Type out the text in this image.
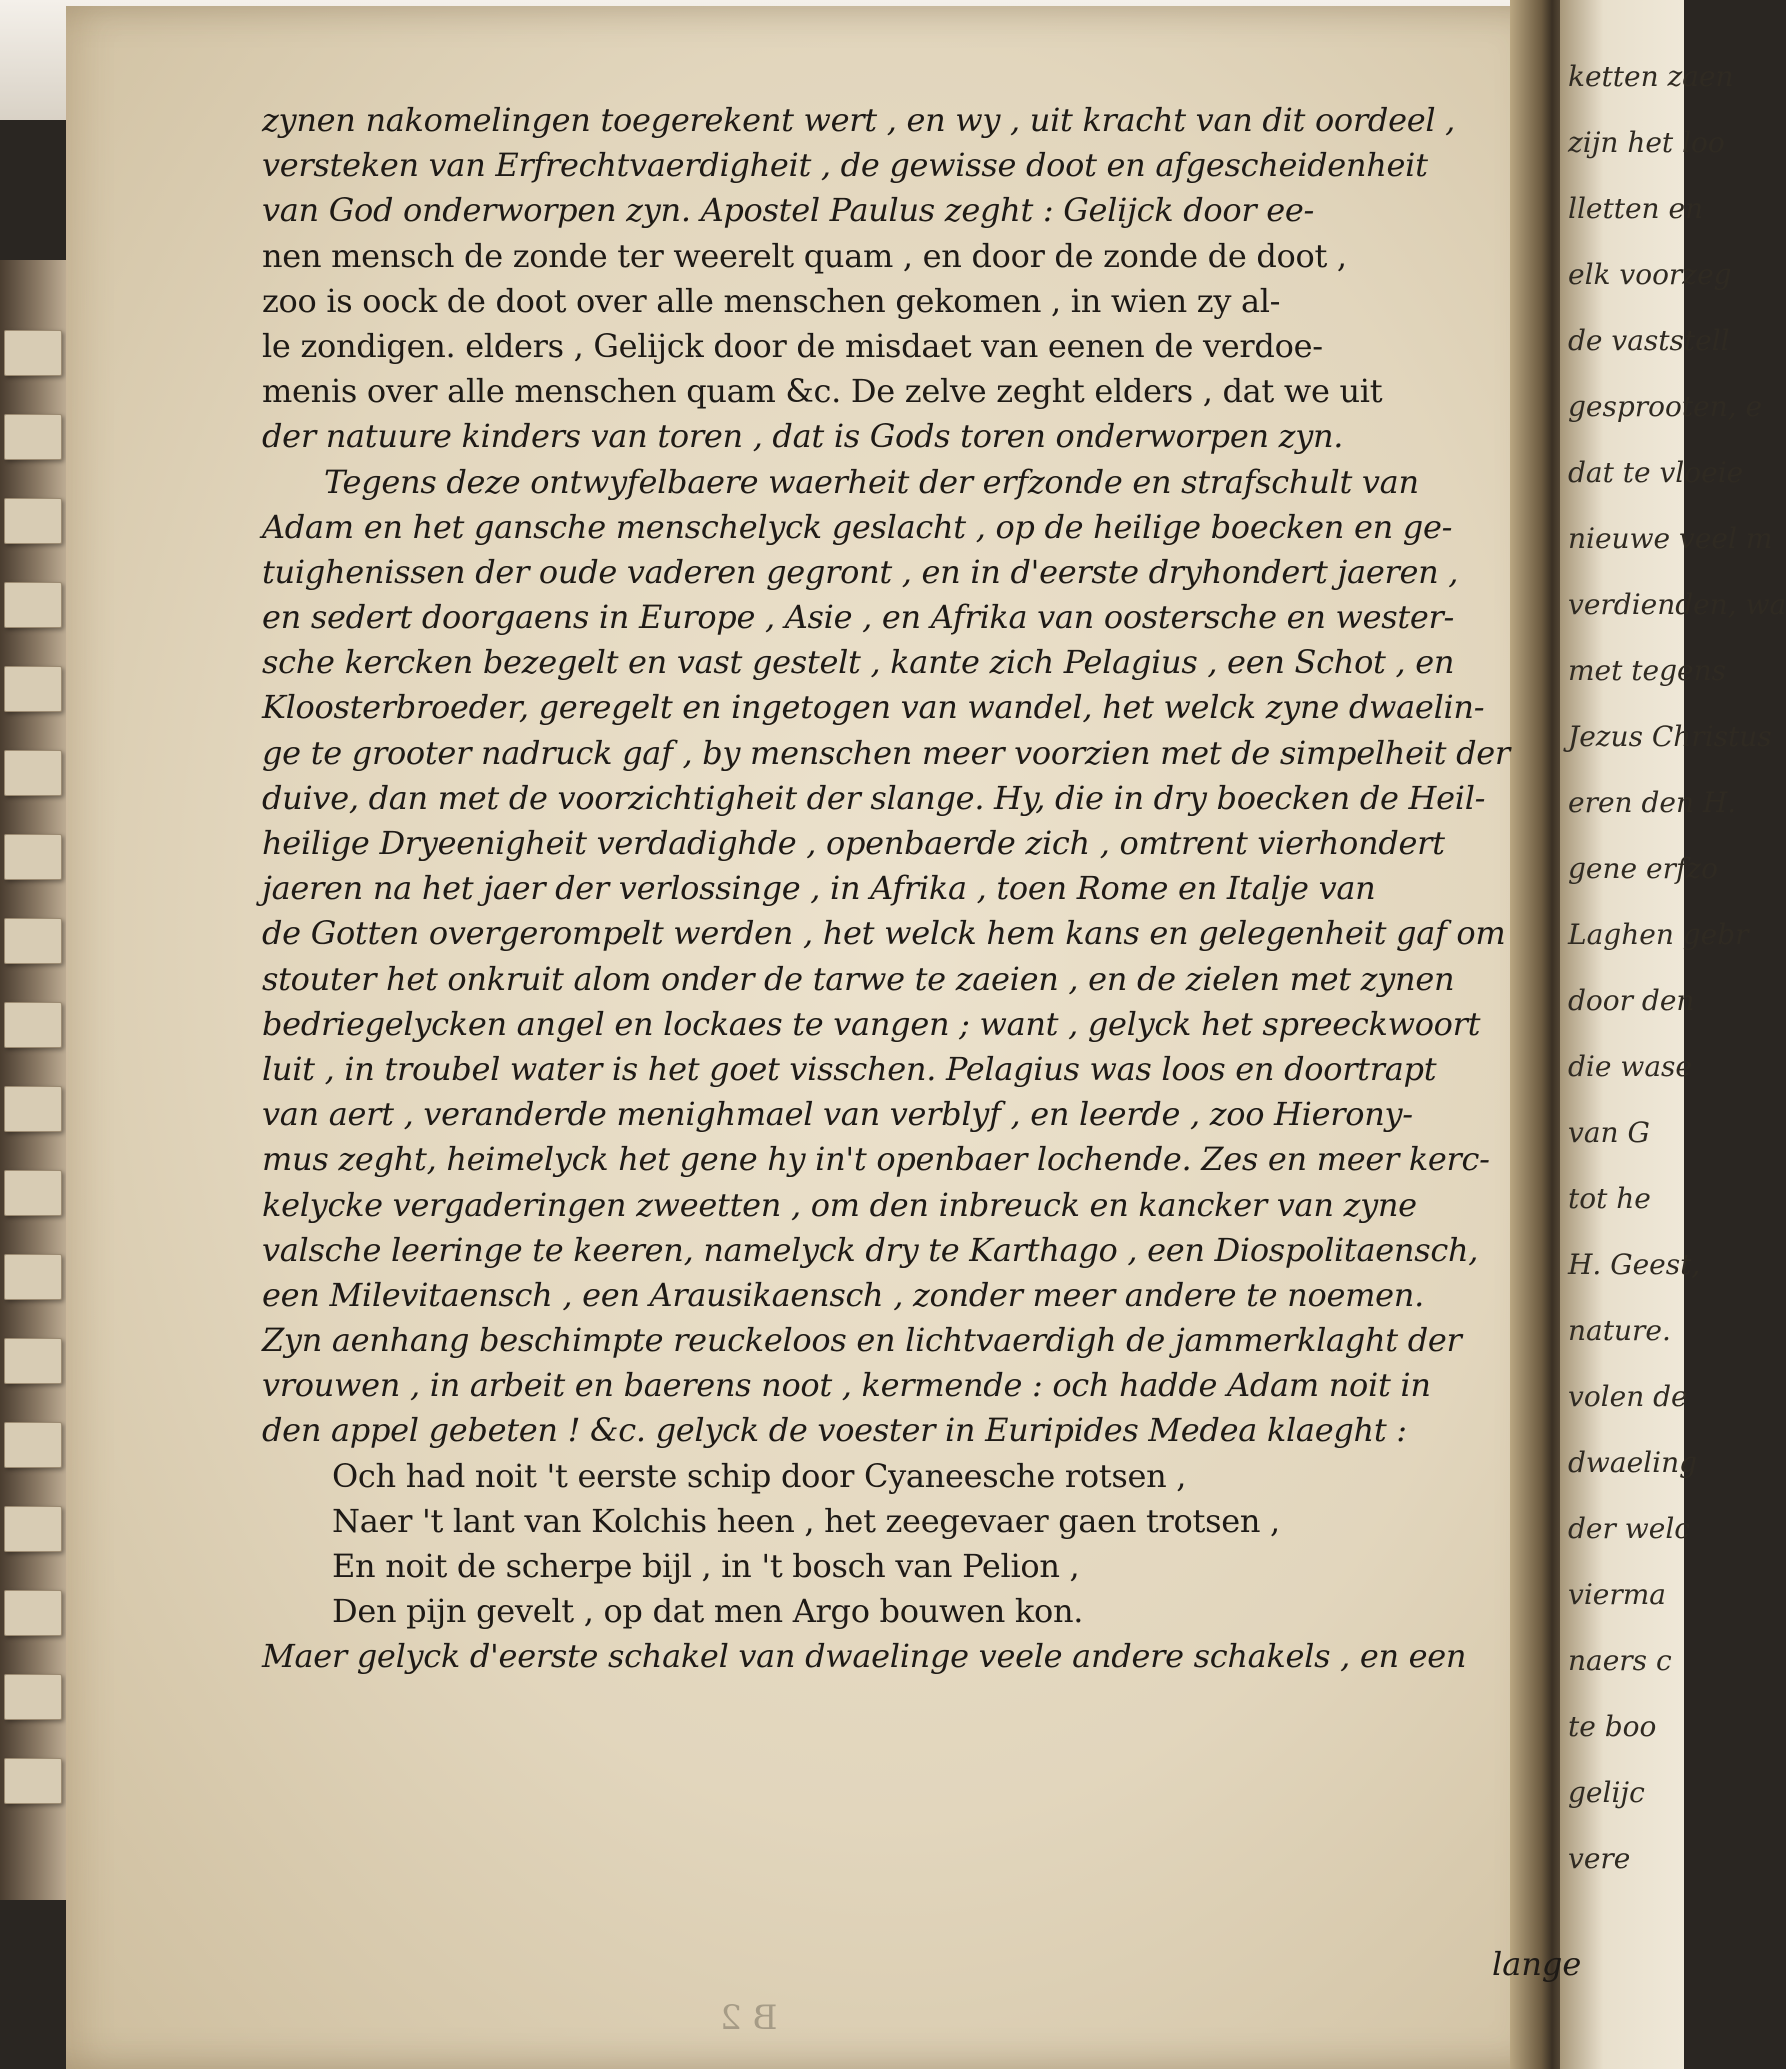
ketten zaen
zijn het loo
lletten en
elk voorzeg
de vaststell
gesprooten, e
dat te vloeie
nieuwe veel m
verdienden, wa
met tegens
Jezus Christus
eren den H.
gene erfzo
Laghen gebr
door den
die wase
van G
tot he
H. Geest,
nature.
volen de
dwaeling
der welc
vierma
naers c
te boo
gelijc
vere
zynen nakomelingen toegerekent wert , en wy , uit kracht van dit oordeel ,
versteken van Erfrechtvaerdigheit , de gewisse doot en afgescheidenheit
van God onderworpen zyn. Apostel Paulus zeght : Gelijck door ee-
nen mensch de zonde ter weerelt quam , en door de zonde de doot ,
zoo is oock de doot over alle menschen gekomen , in wien zy al-
le zondigen. elders , Gelijck door de misdaet van eenen de verdoe-
menis over alle menschen quam &c. De zelve zeght elders , dat we uit
der natuure kinders van toren , dat is Gods toren onderworpen zyn.
Tegens deze ontwyfelbaere waerheit der erfzonde en strafschult van
Adam en het gansche menschelyck geslacht , op de heilige boecken en ge-
tuighenissen der oude vaderen gegront , en in d'eerste dryhondert jaeren ,
en sedert doorgaens in Europe , Asie , en Afrika van oostersche en wester-
sche kercken bezegelt en vast gestelt , kante zich Pelagius , een Schot , en
Kloosterbroeder, geregelt en ingetogen van wandel, het welck zyne dwaelin-
ge te grooter nadruck gaf , by menschen meer voorzien met de simpelheit der
duive, dan met de voorzichtigheit der slange. Hy, die in dry boecken de Heil-
heilige Dryeenigheit verdadighde , openbaerde zich , omtrent vierhondert
jaeren na het jaer der verlossinge , in Afrika , toen Rome en Italje van
de Gotten overgerompelt werden , het welck hem kans en gelegenheit gaf om
stouter het onkruit alom onder de tarwe te zaeien , en de zielen met zynen
bedriegelycken angel en lockaes te vangen ; want , gelyck het spreeckwoort
luit , in troubel water is het goet visschen. Pelagius was loos en doortrapt
van aert , veranderde menighmael van verblyf , en leerde , zoo Hierony-
mus zeght, heimelyck het gene hy in't openbaer lochende. Zes en meer kerc-
kelycke vergaderingen zweetten , om den inbreuck en kancker van zyne
valsche leeringe te keeren, namelyck dry te Karthago , een Diospolitaensch,
een Milevitaensch , een Arausikaensch , zonder meer andere te noemen.
Zyn aenhang beschimpte reuckeloos en lichtvaerdigh de jammerklaght der
vrouwen , in arbeit en baerens noot , kermende : och hadde Adam noit in
den appel gebeten ! &c. gelyck de voester in Euripides Medea klaeght :
Och had noit 't eerste schip door Cyaneesche rotsen ,
Naer 't lant van Kolchis heen , het zeegevaer gaen trotsen ,
En noit de scherpe bijl , in 't bosch van Pelion ,
Den pijn gevelt , op dat men Argo bouwen kon.
Maer gelyck d'eerste schakel van dwaelinge veele andere schakels , en een
lange
B 2
